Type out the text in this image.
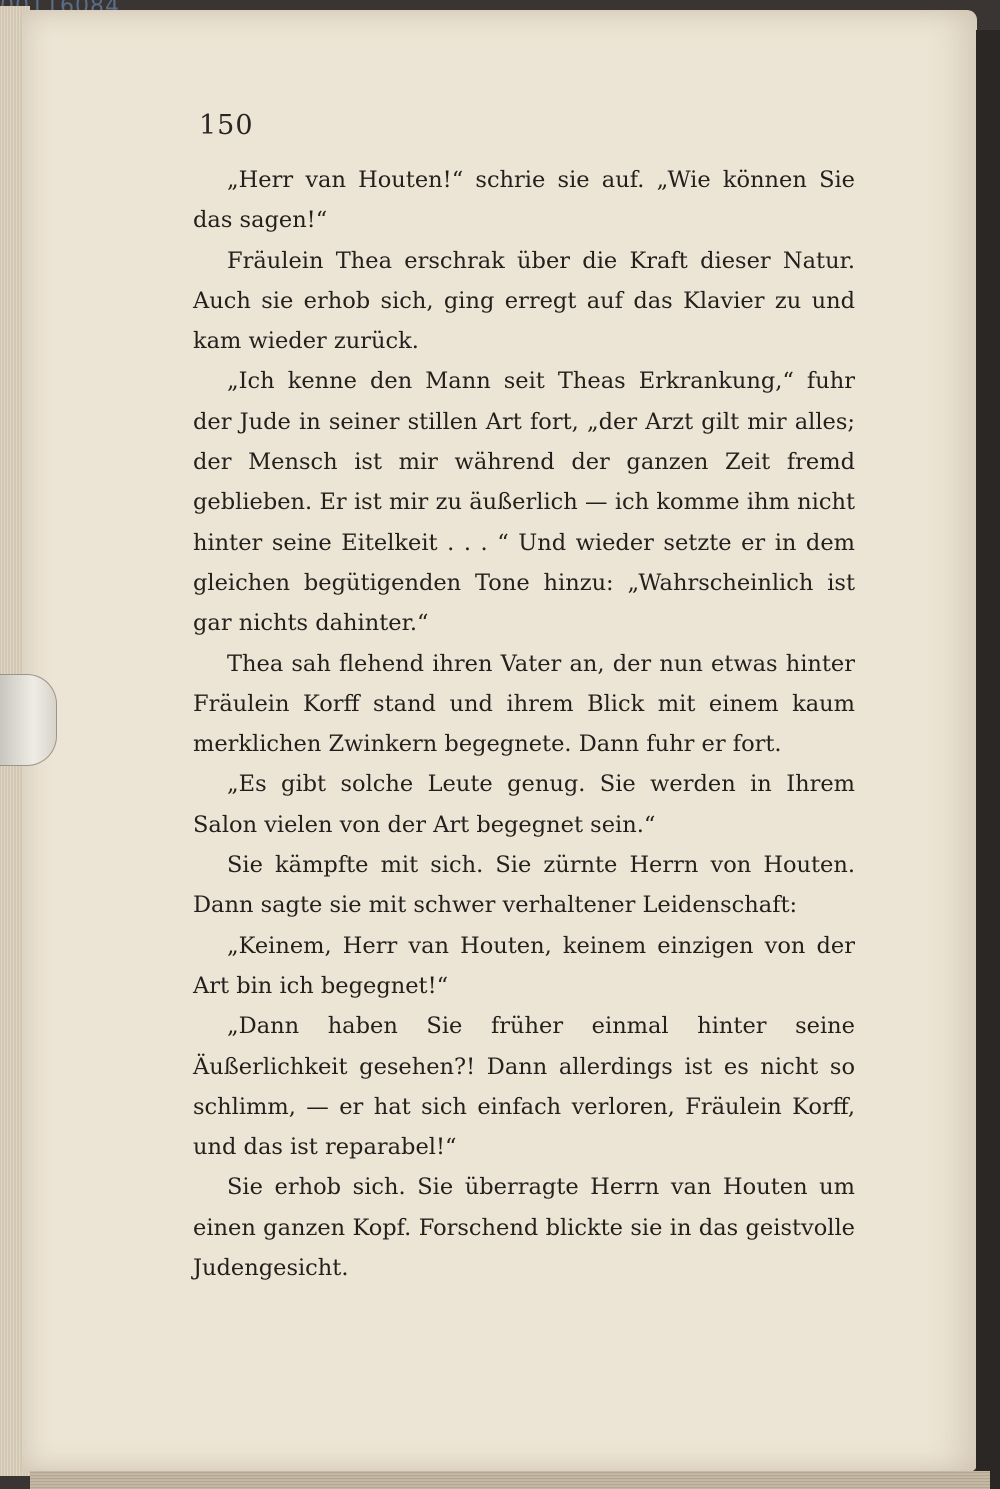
150

„Herr van Houten!“ schrie sie auf. „Wie können Sie das sagen!“

Fräulein Thea erschrak über die Kraft dieser Natur. Auch sie erhob sich, ging erregt auf das Klavier zu und kam wieder zurück.

„Ich kenne den Mann seit Theas Erkrankung,“ fuhr der Jude in seiner stillen Art fort, „der Arzt gilt mir alles; der Mensch ist mir während der ganzen Zeit fremd geblieben. Er ist mir zu äußerlich — ich komme ihm nicht hinter seine Eitelkeit . . . “ Und wieder setzte er in dem gleichen begütigenden Tone hinzu: „Wahrscheinlich ist gar nichts dahinter.“

Thea sah flehend ihren Vater an, der nun etwas hinter Fräulein Korff stand und ihrem Blick mit einem kaum merklichen Zwinkern begegnete. Dann fuhr er fort.

„Es gibt solche Leute genug. Sie werden in Ihrem Salon vielen von der Art begegnet sein.“

Sie kämpfte mit sich. Sie zürnte Herrn von Houten. Dann sagte sie mit schwer verhaltener Leidenschaft:

„Keinem, Herr van Houten, keinem einzigen von der Art bin ich begegnet!“

„Dann haben Sie früher einmal hinter seine Äußerlichkeit gesehen?! Dann allerdings ist es nicht so schlimm, — er hat sich einfach verloren, Fräulein Korff, und das ist reparabel!“

Sie erhob sich. Sie überragte Herrn van Houten um einen ganzen Kopf. Forschend blickte sie in das geistvolle Judengesicht.
